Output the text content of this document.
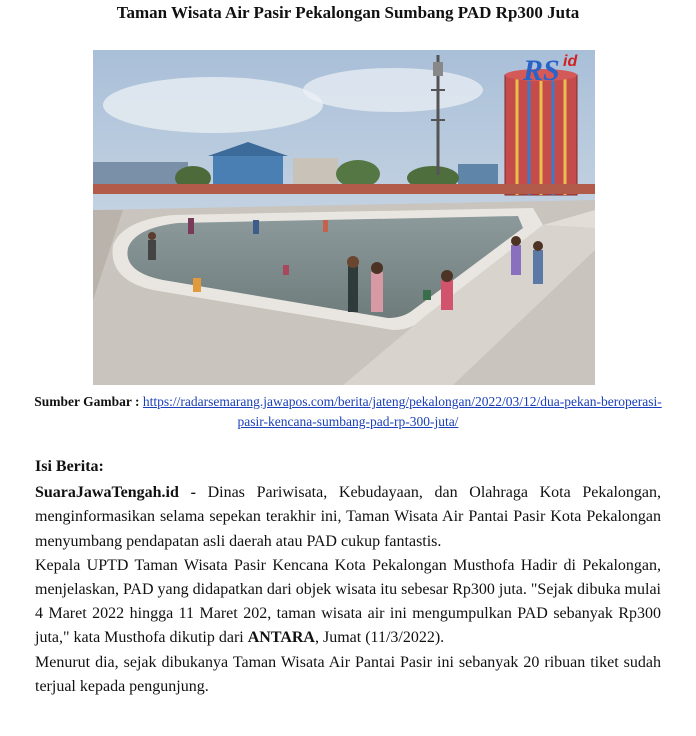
Taman Wisata Air Pasir Pekalongan Sumbang PAD Rp300 Juta
RS id
Sumber Gambar : https://radarsemarang.jawapos.com/berita/jateng/pekalongan/2022/03/12/dua-pekan-beroperasi-pasir-kencana-sumbang-pad-rp-300-juta/
Isi Berita:

SuaraJawaTengah.id - Dinas Pariwisata, Kebudayaan, dan Olahraga Kota Pekalongan, menginformasikan selama sepekan terakhir ini, Taman Wisata Air Pantai Pasir Kota Pekalongan menyumbang pendapatan asli daerah atau PAD cukup fantastis.

Kepala UPTD Taman Wisata Pasir Kencana Kota Pekalongan Musthofa Hadir di Pekalongan, menjelaskan, PAD yang didapatkan dari objek wisata itu sebesar Rp300 juta. "Sejak dibuka mulai 4 Maret 2022 hingga 11 Maret 202, taman wisata air ini mengumpulkan PAD sebanyak Rp300 juta," kata Musthofa dikutip dari ANTARA, Jumat (11/3/2022).

Menurut dia, sejak dibukanya Taman Wisata Air Pantai Pasir ini sebanyak 20 ribuan tiket sudah terjual kepada pengunjung.
